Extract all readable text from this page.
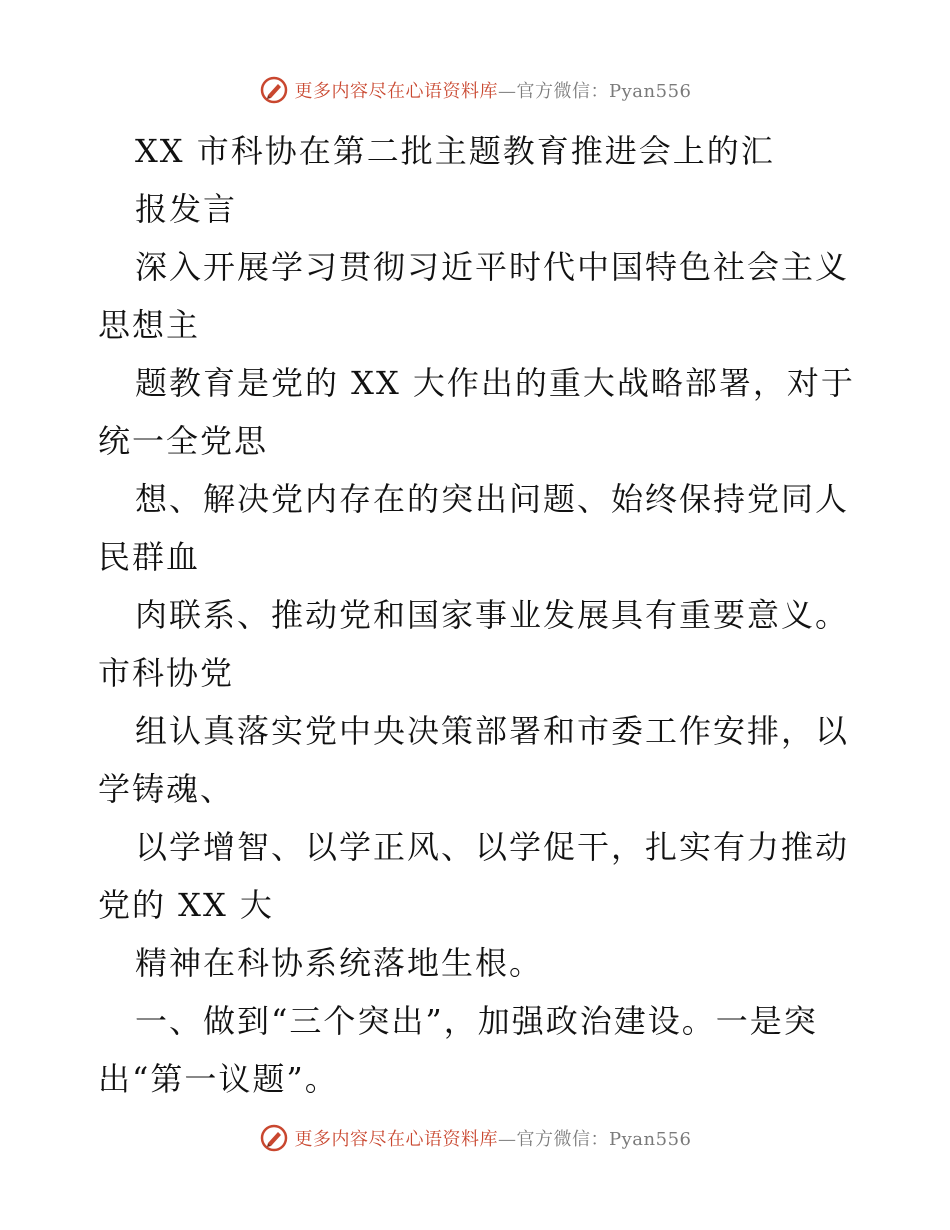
更多内容尽在心语资料库—官方微信：Pyan556
XX 市科协在第二批主题教育推进会上的汇
报发言
深入开展学习贯彻习近平时代中国特色社会主义
思想主
题教育是党的 XX 大作出的重大战略部署，对于
统一全党思
想、解决党内存在的突出问题、始终保持党同人
民群血
肉联系、推动党和国家事业发展具有重要意义。
市科协党
组认真落实党中央决策部署和市委工作安排，以
学铸魂、
以学增智、以学正风、以学促干，扎实有力推动
党的 XX 大
精神在科协系统落地生根。
一、做到“三个突出”，加强政治建设。一是突
出“第一议题”。
更多内容尽在心语资料库—官方微信：Pyan556
